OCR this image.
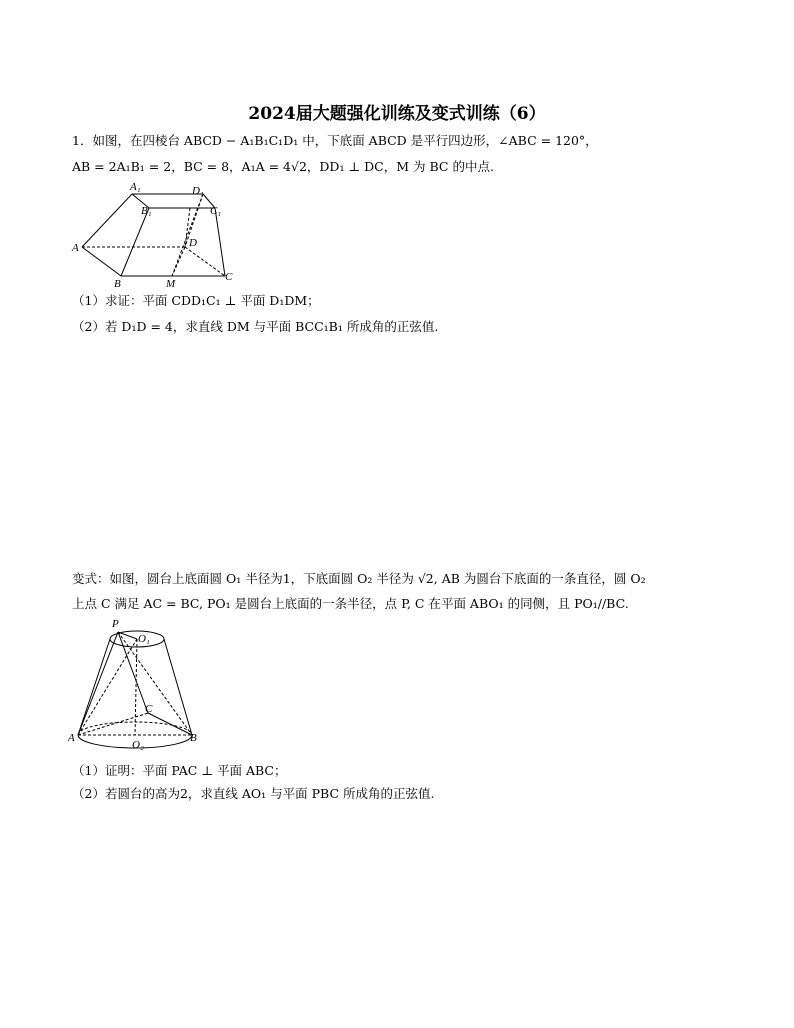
2024届大题强化训练及变式训练（6）
1．如图，在四棱台 ABCD − A₁B₁C₁D₁ 中，下底面 ABCD 是平行四边形，∠ABC = 120°，
AB = 2A₁B₁ = 2，BC = 8，A₁A = 4√2，DD₁ ⊥ DC，M 为 BC 的中点.
A₁	D₁
B₁	C₁
A	D
B	M
C
（1）求证：平面 CDD₁C₁ ⊥ 平面 D₁DM；
（2）若 D₁D = 4，求直线 DM 与平面 BCC₁B₁ 所成角的正弦值.
变式：如图，圆台上底面圆 O₁ 半径为1，下底面圆 O₂ 半径为 √2, AB 为圆台下底面的一条直径，圆 O₂
上点 C 满足 AC = BC, PO₁ 是圆台上底面的一条半径，点 P, C 在平面 ABO₁ 的同侧，且 PO₁//BC.
P
O₁
C
A
O₂
B
（1）证明：平面 PAC ⊥ 平面 ABC；
（2）若圆台的高为2，求直线 AO₁ 与平面 PBC 所成角的正弦值.
